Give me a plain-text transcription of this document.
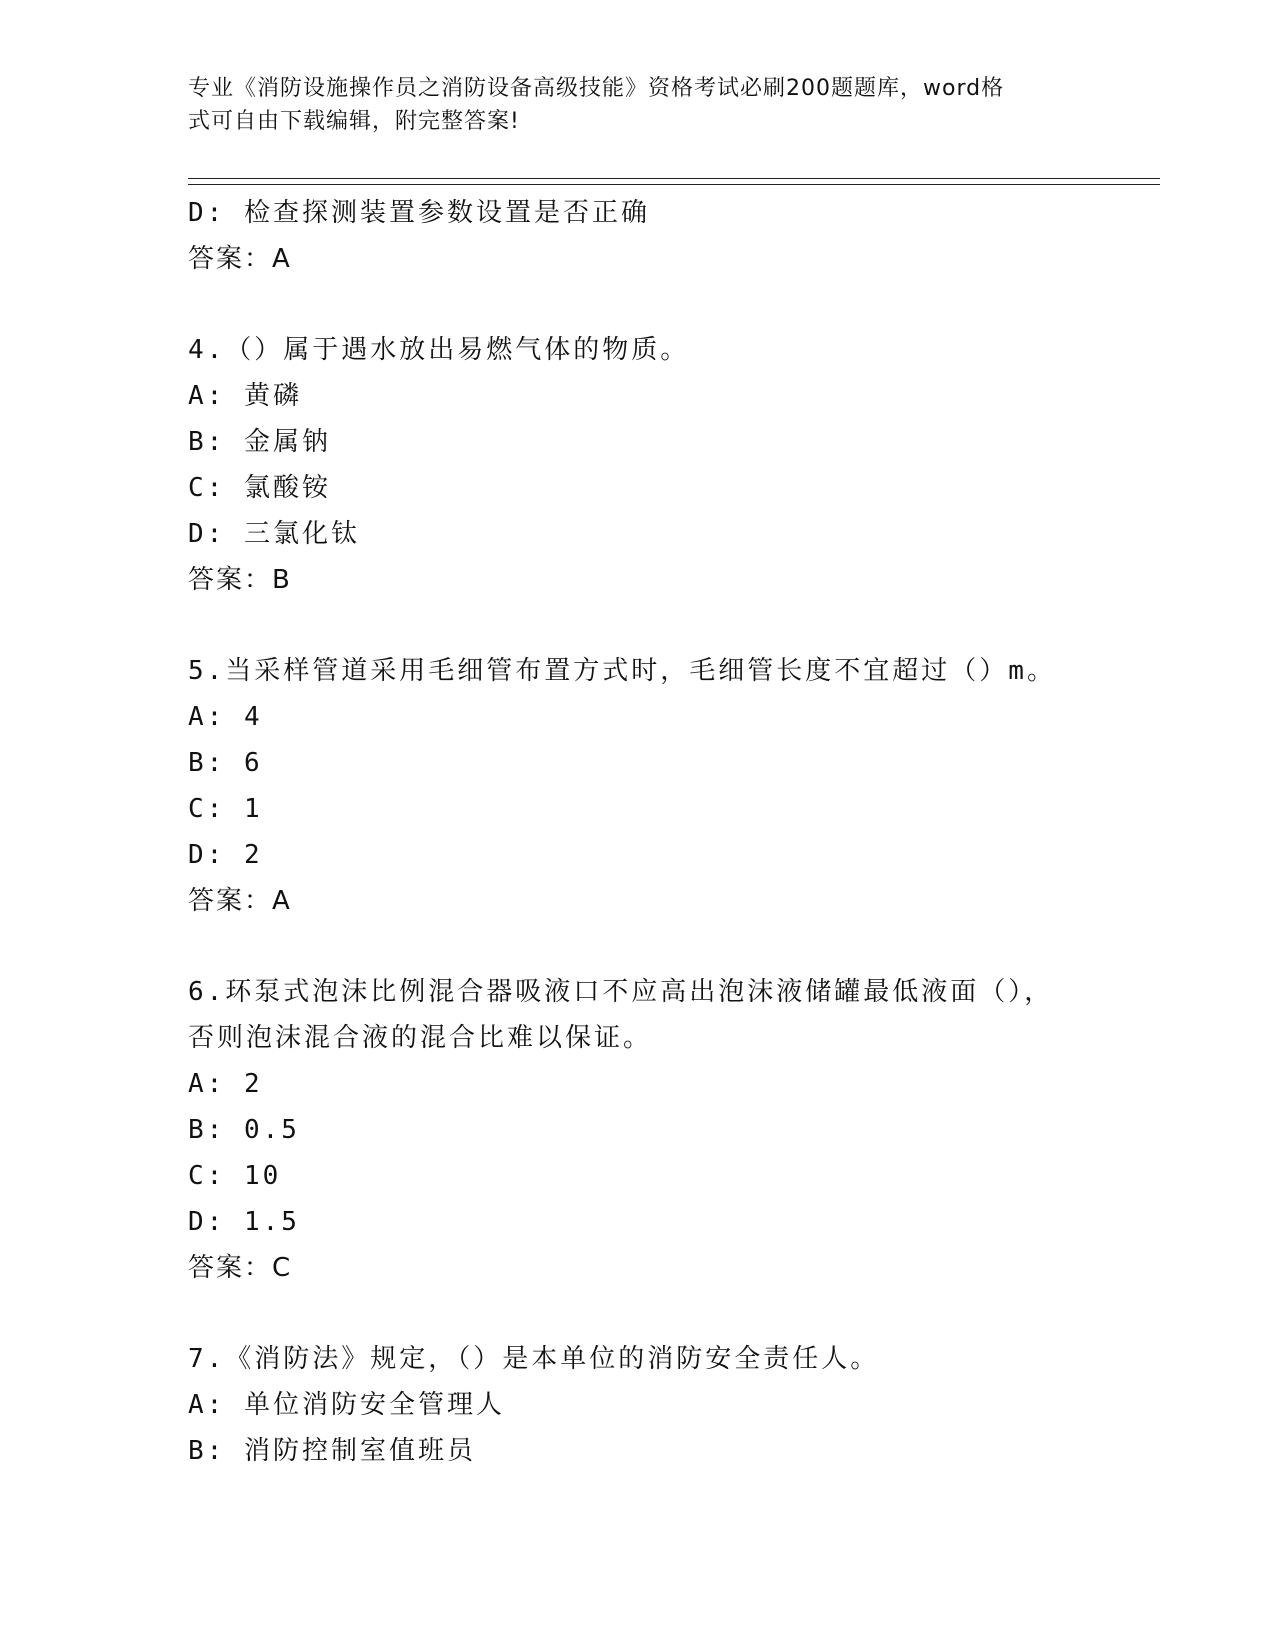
专业《消防设施操作员之消防设备高级技能》资格考试必刷200题题库，word格
式可自由下载编辑，附完整答案!
D: 检查探测装置参数设置是否正确
答案：A
4.（）属于遇水放出易燃气体的物质。
A: 黄磷
B: 金属钠
C: 氯酸铵
D: 三氯化钛
答案：B
5.当采样管道采用毛细管布置方式时，毛细管长度不宜超过（）m。
A: 4
B: 6
C: 1
D: 2
答案：A
6.环泵式泡沫比例混合器吸液口不应高出泡沫液储罐最低液面（），
否则泡沫混合液的混合比难以保证。
A: 2
B: 0.5
C: 10
D: 1.5
答案：C
7.《消防法》规定，（）是本单位的消防安全责任人。
A: 单位消防安全管理人
B: 消防控制室值班员
